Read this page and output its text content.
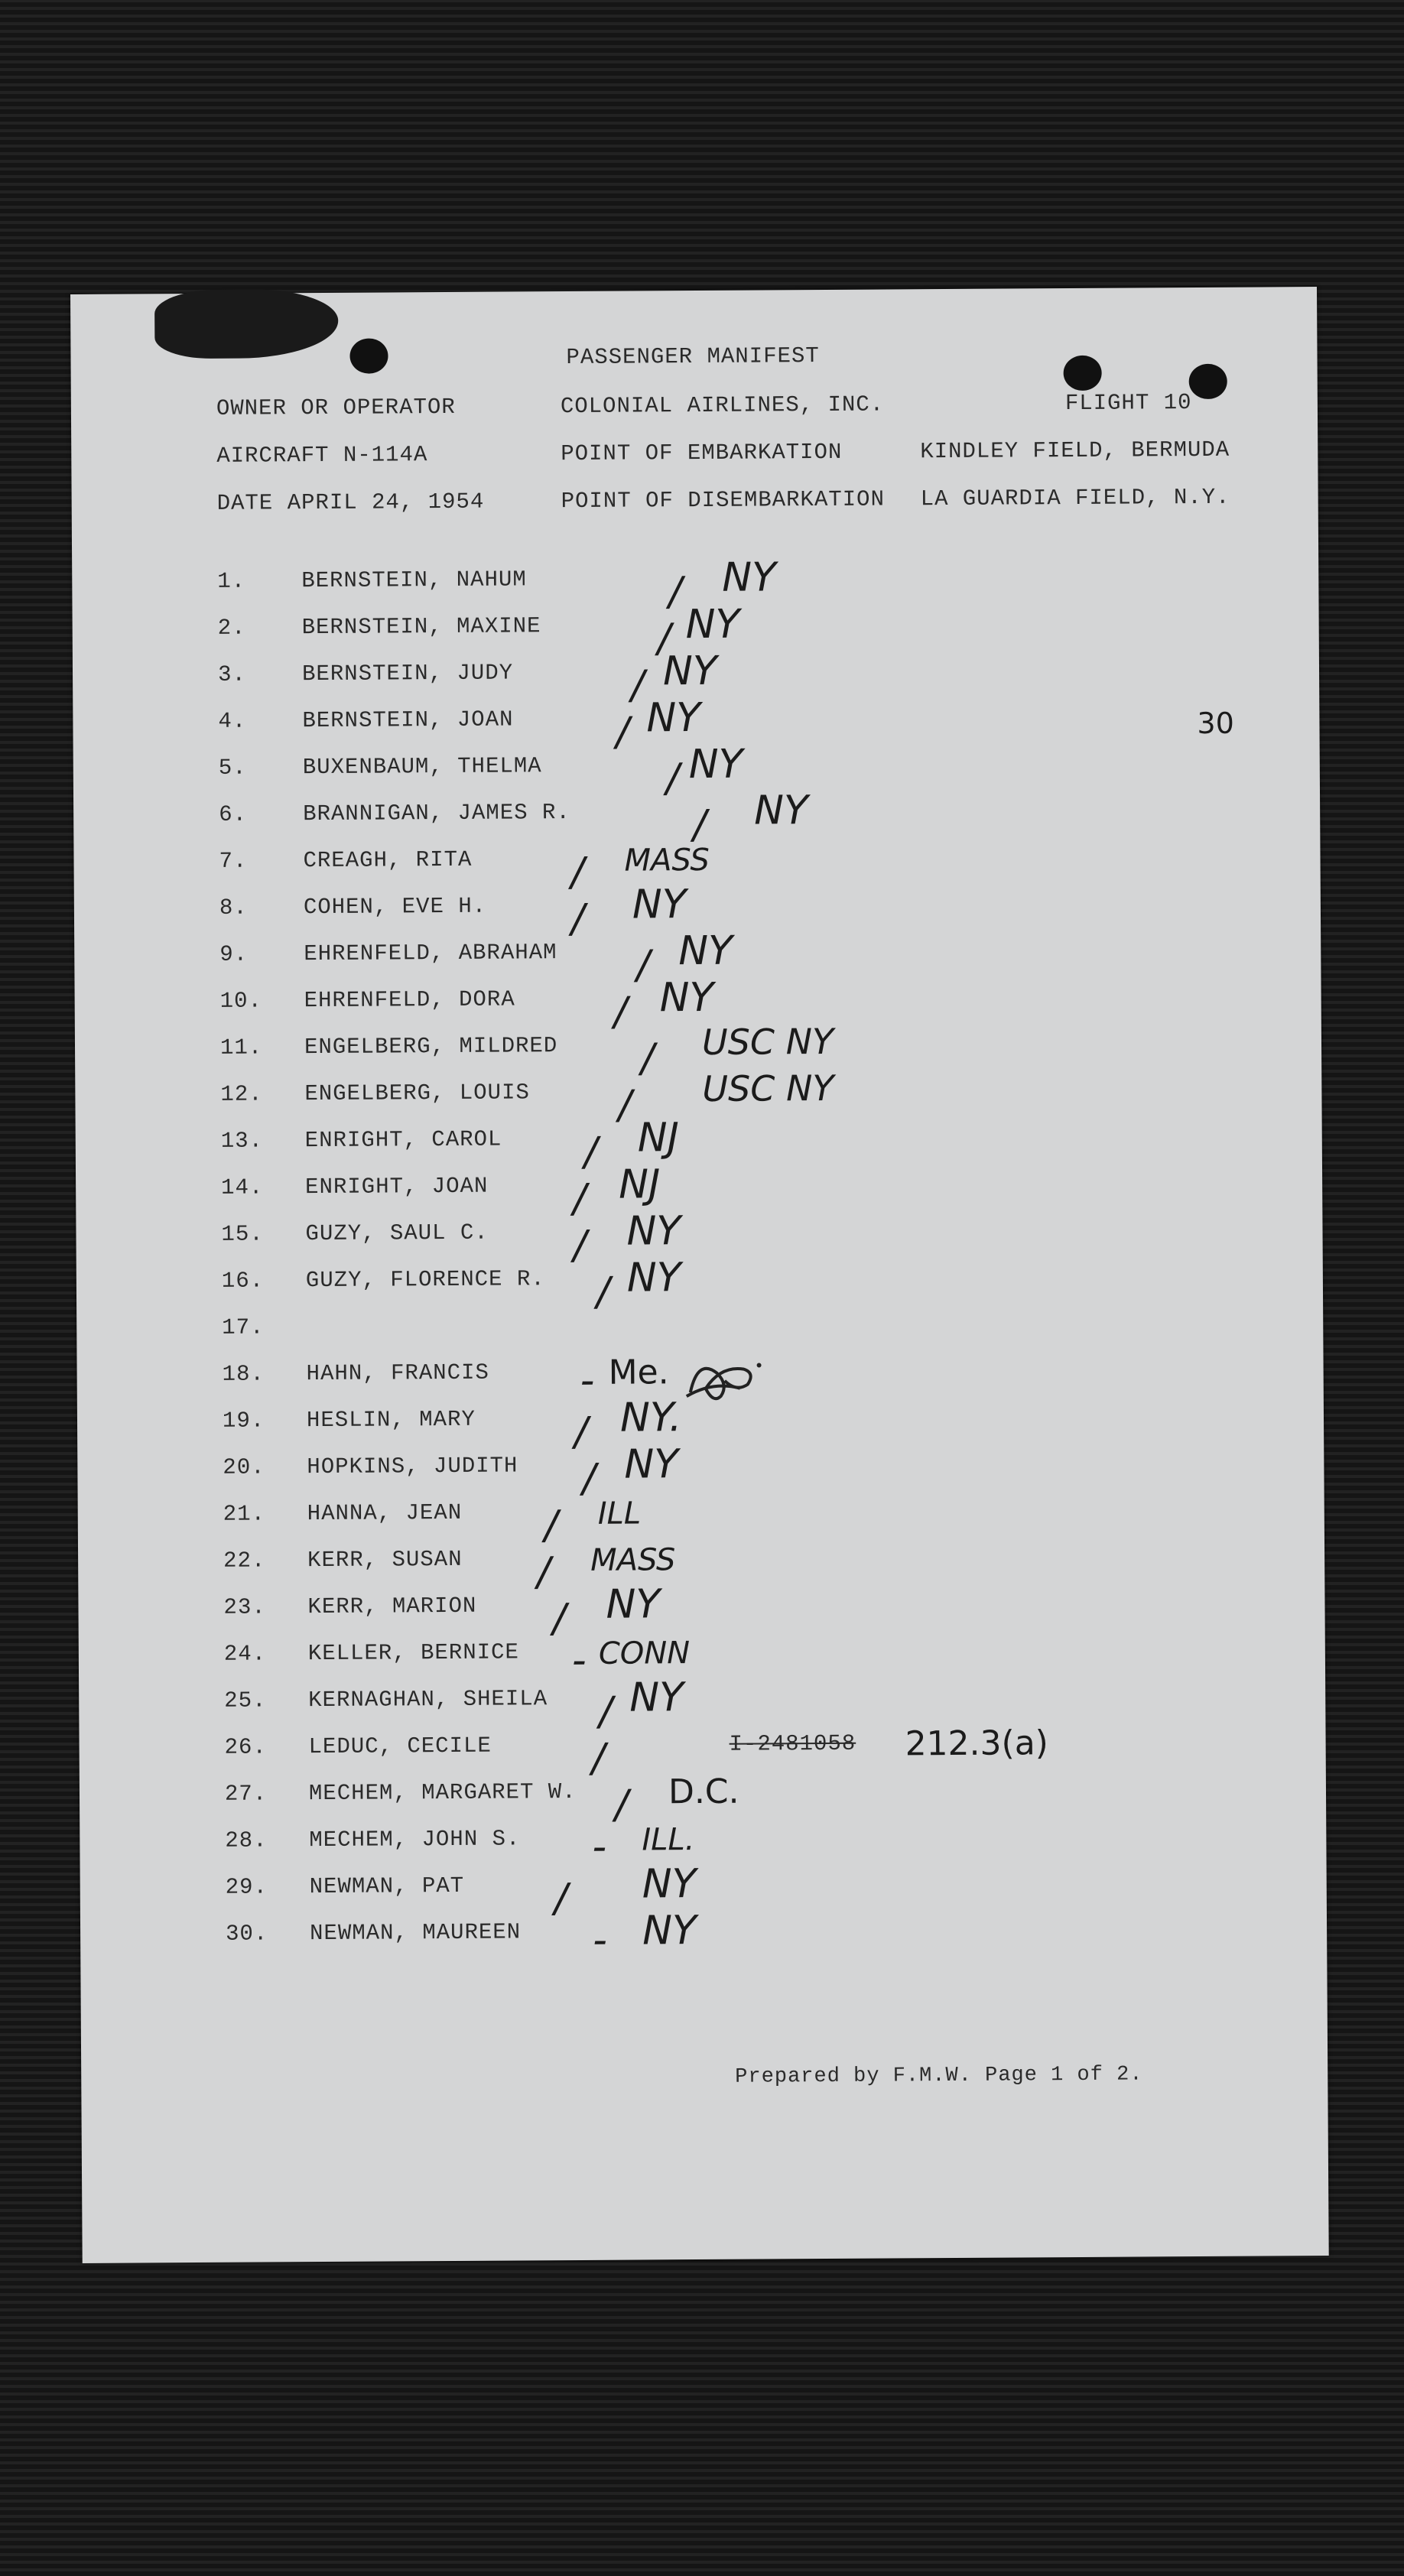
PASSENGER MANIFEST
OWNER OR OPERATOR	COLONIAL AIRLINES, INC.	FLIGHT 10
AIRCRAFT N-114A	POINT OF EMBARKATION	KINDLEY FIELD, BERMUDA
DATE APRIL 24, 1954	POINT OF DISEMBARKATION LA GUARDIA FIELD, N.Y.
30
1.	BERNSTEIN, NAHUM	/ NY
2.	BERNSTEIN, MAXINE	/ NY
3.	BERNSTEIN, JUDY	/ NY
4.	BERNSTEIN, JOAN	/ NY
5.	BUXENBAUM, THELMA	/ NY
6.	BRANNIGAN, JAMES R.	/ NY
7.	CREAGH, RITA / MASS
8.	COHEN, EVE H. / NY
9.	EHRENFELD, ABRAHAM / NY
10.	EHRENFELD, DORA / NY
11.	ENGELBERG, MILDRED / USC NY
12.	ENGELBERG, LOUIS / USC NY
13.	ENRIGHT, CAROL / NJ
14.	ENRIGHT, JOAN / NJ
15.	GUZY, SAUL C. / NY
16.	GUZY, FLORENCE R. / NY
17.

18.	HAHN, FRANCIS - Me.
19.	HESLIN, MARY / NY.
20.	HOPKINS, JUDITH / NY
21.	HANNA, JEAN / ILL
22.	KERR, SUSAN / MASS
23.	KERR, MARION / NY
24.	KELLER, BERNICE - CONN
25.	KERNAGHAN, SHEILA / NY
26.	LEDUC, CECILE	/	I-2481058 212.3(a)
27.	MECHEM, MARGARET W. / D.C.
28.	MECHEM, JOHN S. - ILL.
29.	NEWMAN, PAT / NY
30.	NEWMAN, MAUREEN - NY
Prepared by F.M.W. Page 1 of 2.
